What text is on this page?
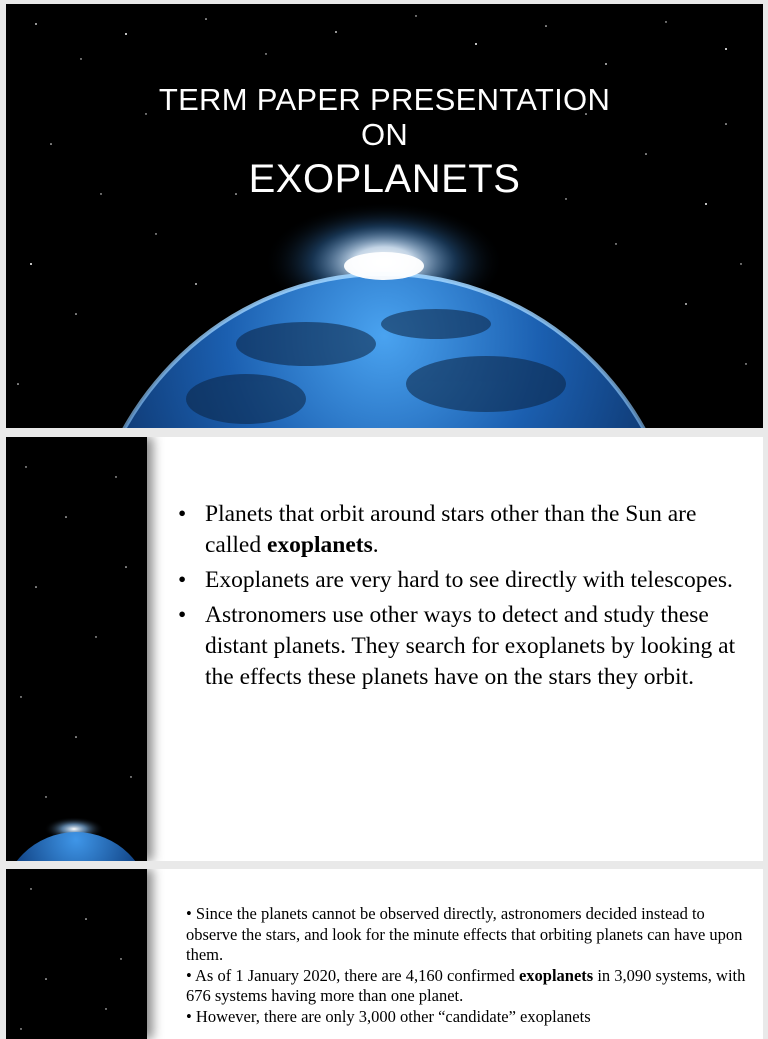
TERM PAPER PRESENTATION
ON
EXOPLANETS
• Planets that orbit around stars other than the Sun are called exoplanets.
• Exoplanets are very hard to see directly with telescopes.
• Astronomers use other ways to detect and study these distant planets. They search for exoplanets by looking at the effects these planets have on the stars they orbit.
• Since the planets cannot be observed directly, astronomers decided instead to observe the stars, and look for the minute effects that orbiting planets can have upon them.
• As of 1 January 2020, there are 4,160 confirmed exoplanets in 3,090 systems, with 676 systems having more than one planet.
• However, there are only 3,000 other “candidate” exoplanets
